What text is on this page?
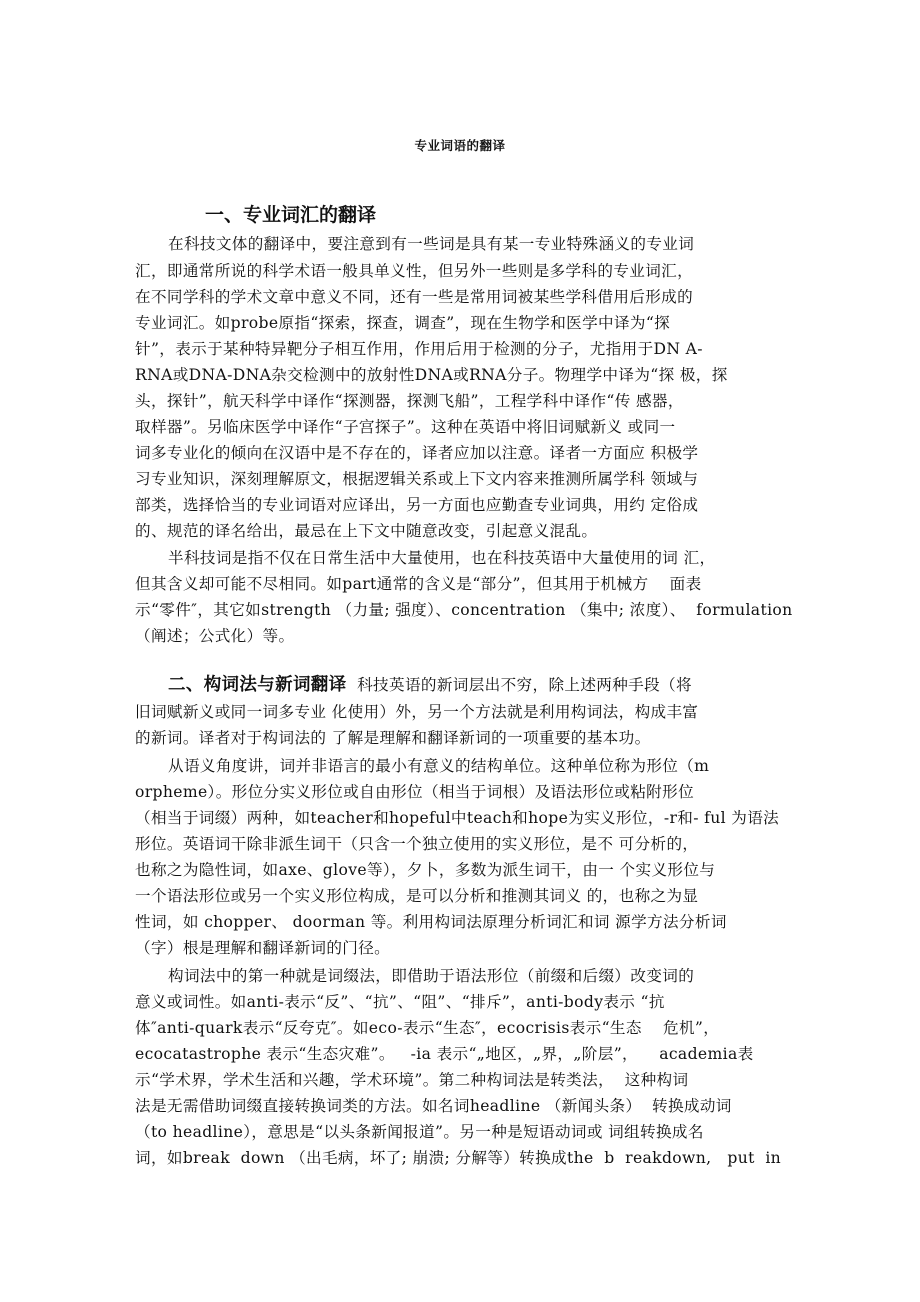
专业词语的翻译
一、专业词汇的翻译
在科技文体的翻译中，要注意到有一些词是具有某一专业特殊涵义的专业词
汇，即通常所说的科学术语一般具单义性，但另外一些则是多学科的专业词汇，
在不同学科的学术文章中意义不同，还有一些是常用词被某些学科借用后形成的
专业词汇。如probe原指“探索，探查，调查”，现在生物学和医学中译为“探
针”，表示于某种特异靶分子相互作用，作用后用于检测的分子，尤指用于DN A-
RNA或DNA-DNA杂交检测中的放射性DNA或RNA分子。物理学中译为“探 极，探
头，探针”，航天科学中译作“探测器，探测飞船”，工程学科中译作“传 感器，
取样器”。另临床医学中译作“子宫探子”。这种在英语中将旧词赋新义 或同一
词多专业化的倾向在汉语中是不存在的，译者应加以注意。译者一方面应 积极学
习专业知识，深刻理解原文，根据逻辑关系或上下文内容来推测所属学科 领域与
部类，选择恰当的专业词语对应译出，另一方面也应勤查专业词典，用约 定俗成
的、规范的译名给出，最忌在上下文中随意改变，引起意义混乱。
半科技词是指不仅在日常生活中大量使用，也在科技英语中大量使用的词 汇，
但其含义却可能不尽相同。如part通常的含义是“部分”，但其用于机械方    面表
示“零件″，其它如strength （力量; 强度）、concentration （集中; 浓度）、  formulation
（阐述；公式化）等。
二、构词法与新词翻译  科技英语的新词层出不穷，除上述两种手段（将
旧词赋新义或同一词多专业 化使用）外，另一个方法就是利用构词法，构成丰富
的新词。译者对于构词法的 了解是理解和翻译新词的一项重要的基本功。
从语义角度讲，词并非语言的最小有意义的结构单位。这种单位称为形位（m
orpheme）。形位分实义形位或自由形位（相当于词根）及语法形位或粘附形位
（相当于词缀）两种，如teacher和hopeful中teach和hope为实义形位，-r和- ful 为语法
形位。英语词干除非派生词干（只含一个独立使用的实义形位，是不 可分析的，
也称之为隐性词，如axe、glove等），夕卜，多数为派生词干，由一 个实义形位与
一个语法形位或另一个实义形位构成，是可以分析和推测其词义 的，也称之为显
性词，如 chopper、 doorman 等。利用构词法原理分析词汇和词 源学方法分析词
（字）根是理解和翻译新词的门径。
构词法中的第一种就是词缀法，即借助于语法形位（前缀和后缀）改变词的
意义或词性。如anti-表示“反”、“抗”、“阻”、“排斥”，anti-body表示 “抗
体″anti-quark表示“反夸克″。如eco-表示“生态″，ecocrisis表示“生态    危机”，
ecocatastrophe 表示“生态灾难”。   -ia 表示“„地区，„界，„阶层”，    academia表
示“学术界，学术生活和兴趣，学术环境”。第二种构词法是转类法，  这种构词
法是无需借助词缀直接转换词类的方法。如名词headline （新闻头条）  转换成动词
（to headline），意思是“以头条新闻报道”。另一种是短语动词或 词组转换成名
词，如break  down （出毛病，坏了; 崩溃; 分解等）转换成the  b  reakdown,   put  in
